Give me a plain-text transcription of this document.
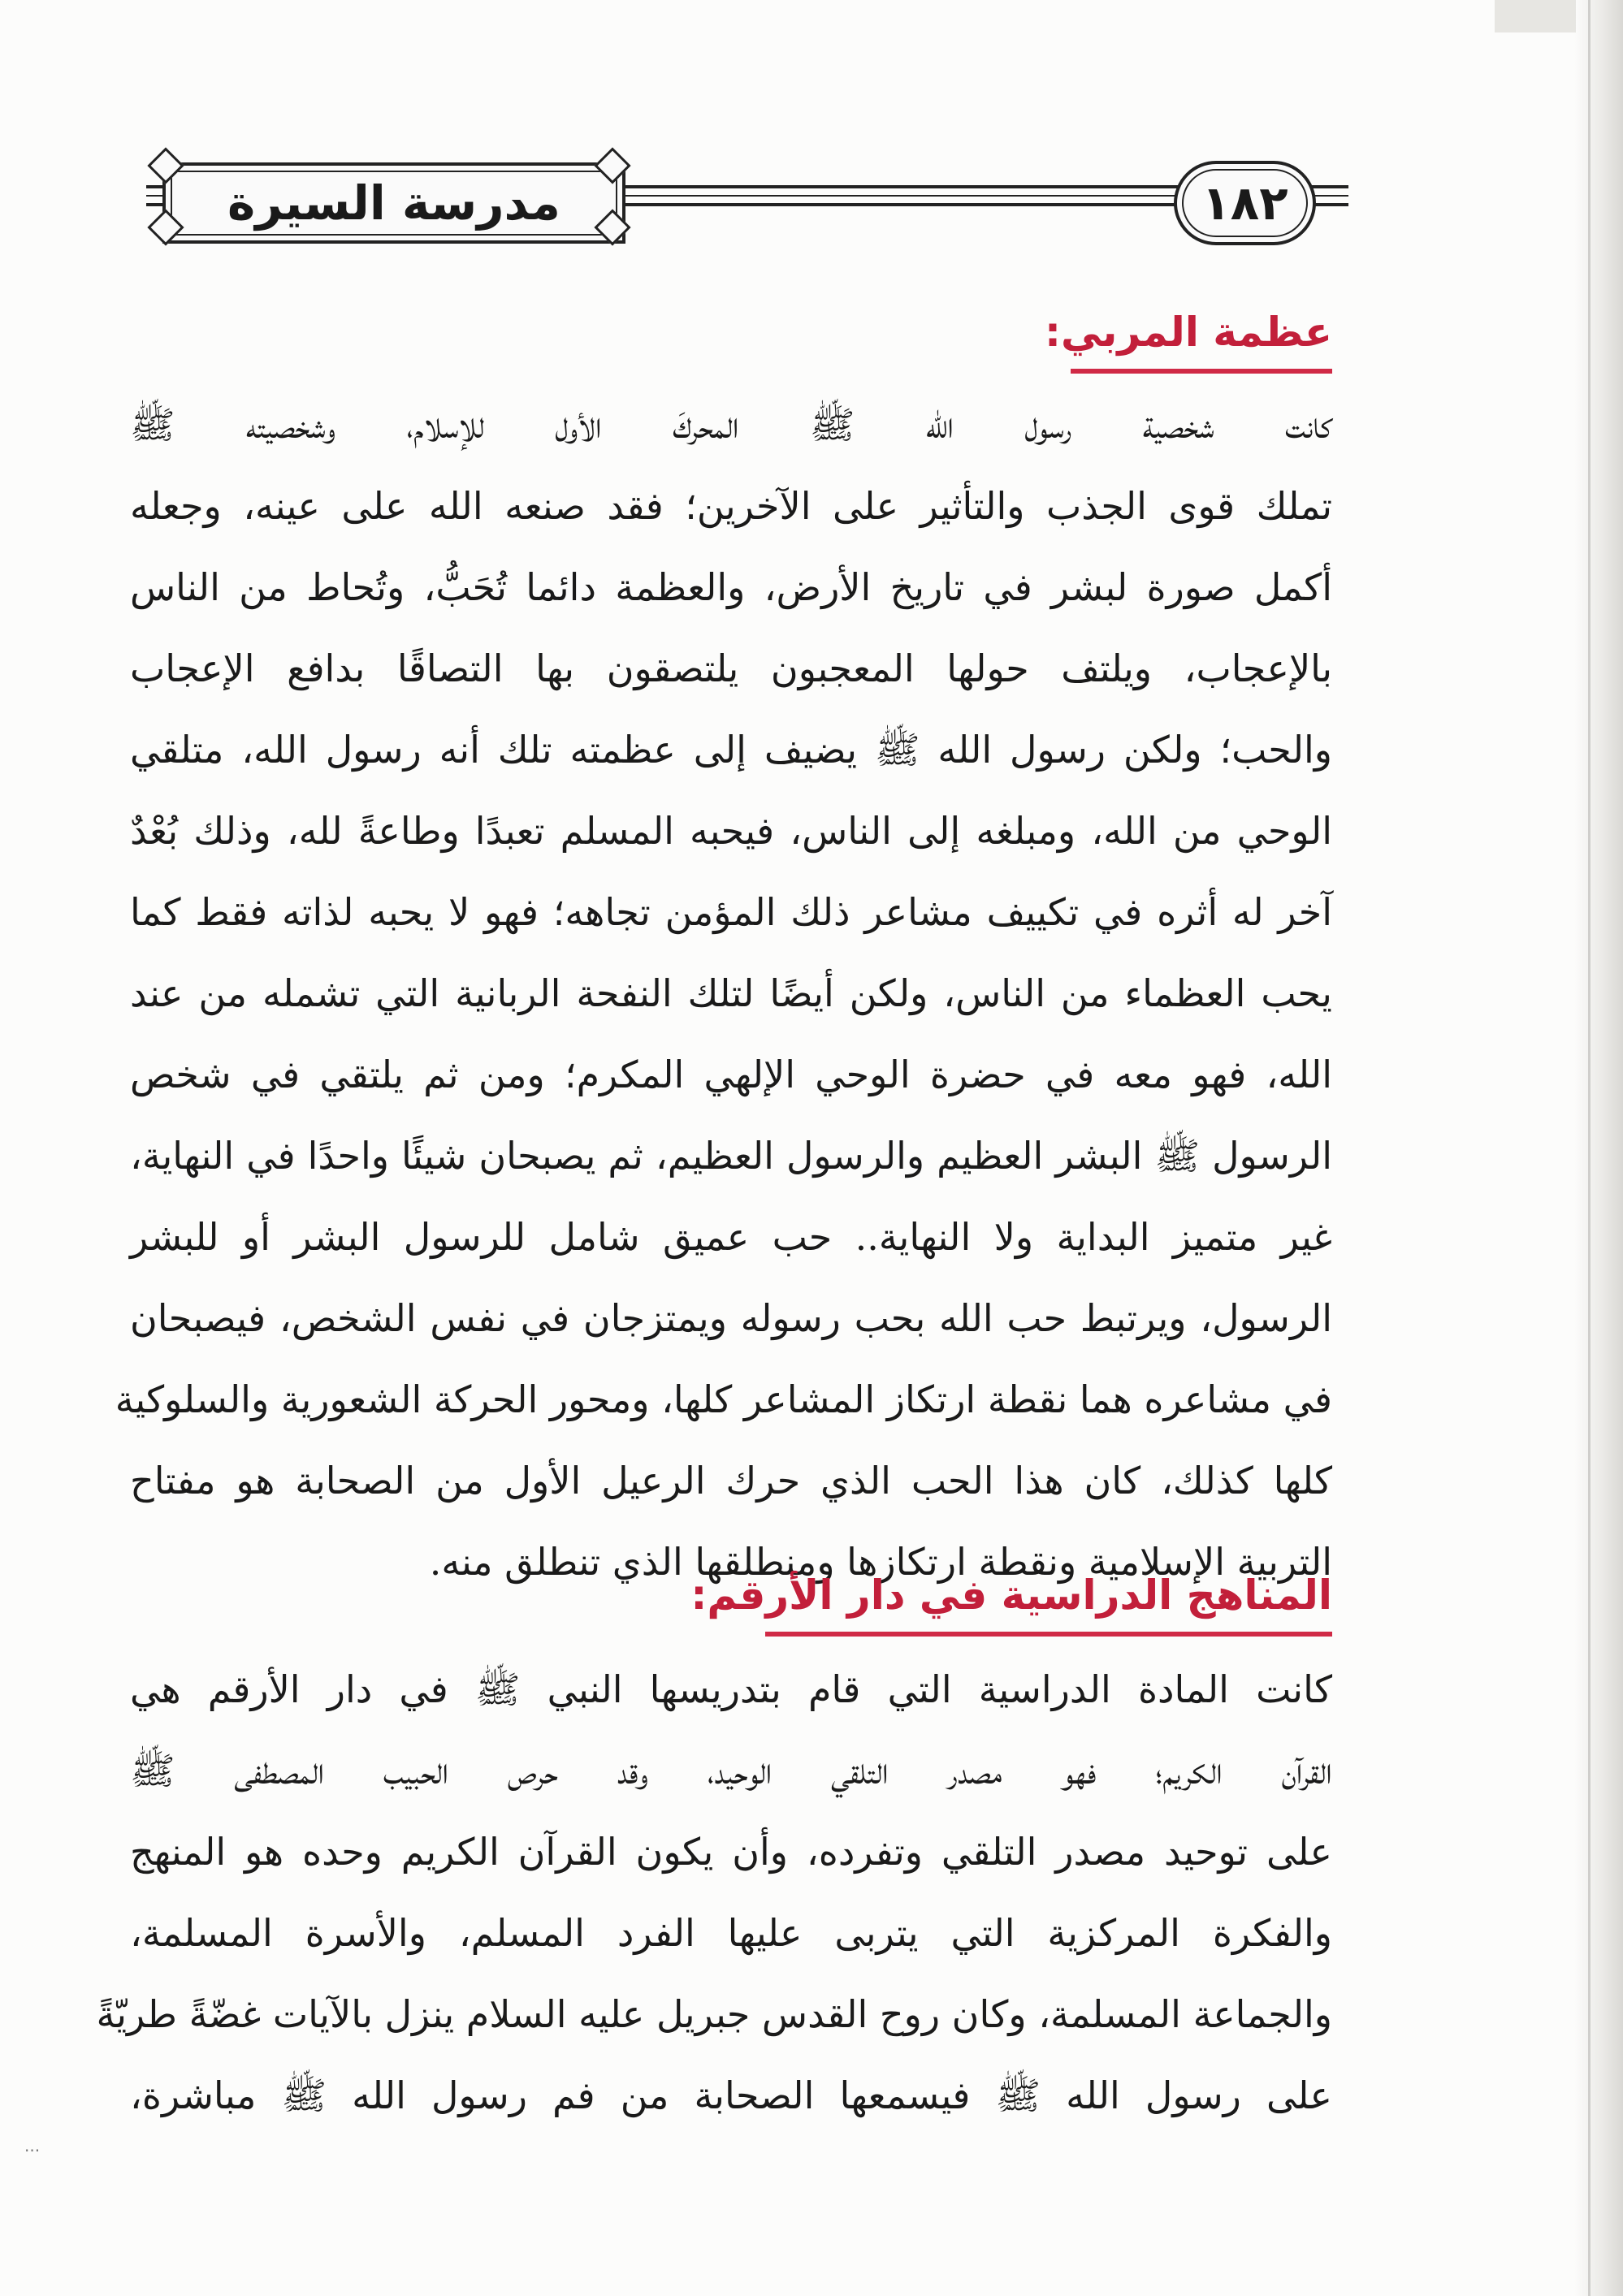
مدرسة السيرة	١٨٢
عظمة المربي:
كانت شخصية رسول الله ﷺ المحركَ الأول للإسلام، وشخصيته ﷺ
تملك قوى الجذب والتأثير على الآخرين؛ فقد صنعه الله على عينه، وجعله
أكمل صورة لبشر في تاريخ الأرض، والعظمة دائما تُحَبُّ، وتُحاط من الناس
بالإعجاب، ويلتف حولها المعجبون يلتصقون بها التصاقًا بدافع الإعجاب
والحب؛ ولكن رسول الله ﷺ يضيف إلى عظمته تلك أنه رسول الله، متلقي
الوحي من الله، ومبلغه إلى الناس، فيحبه المسلم تعبدًا وطاعةً لله، وذلك بُعْدٌ
آخر له أثره في تكييف مشاعر ذلك المؤمن تجاهه؛ فهو لا يحبه لذاته فقط كما
يحب العظماء من الناس، ولكن أيضًا لتلك النفحة الربانية التي تشمله من عند
الله، فهو معه في حضرة الوحي الإلهي المكرم؛ ومن ثم يلتقي في شخص
الرسول ﷺ البشر العظيم والرسول العظيم، ثم يصبحان شيئًا واحدًا في النهاية،
غير متميز البداية ولا النهاية.. حب عميق شامل للرسول البشر أو للبشر
الرسول، ويرتبط حب الله بحب رسوله ويمتزجان في نفس الشخص، فيصبحان
في مشاعره هما نقطة ارتكاز المشاعر كلها، ومحور الحركة الشعورية والسلوكية
كلها كذلك، كان هذا الحب الذي حرك الرعيل الأول من الصحابة هو مفتاح
التربية الإسلامية ونقطة ارتكازها ومنطلقها الذي تنطلق منه.
المناهج الدراسية في دار الأرقم:
كانت المادة الدراسية التي قام بتدريسها النبي ﷺ في دار الأرقم هي
القرآن الكريم؛ فهو مصدر التلقي الوحيد، وقد حرص الحبيب المصطفى ﷺ
على توحيد مصدر التلقي وتفرده، وأن يكون القرآن الكريم وحده هو المنهج
والفكرة المركزية التي يتربى عليها الفرد المسلم، والأسرة المسلمة،
والجماعة المسلمة، وكان روح القدس جبريل عليه السلام ينزل بالآيات غضّةً طريّةً
على رسول الله ﷺ فيسمعها الصحابة من فم رسول الله ﷺ مباشرة،
...
